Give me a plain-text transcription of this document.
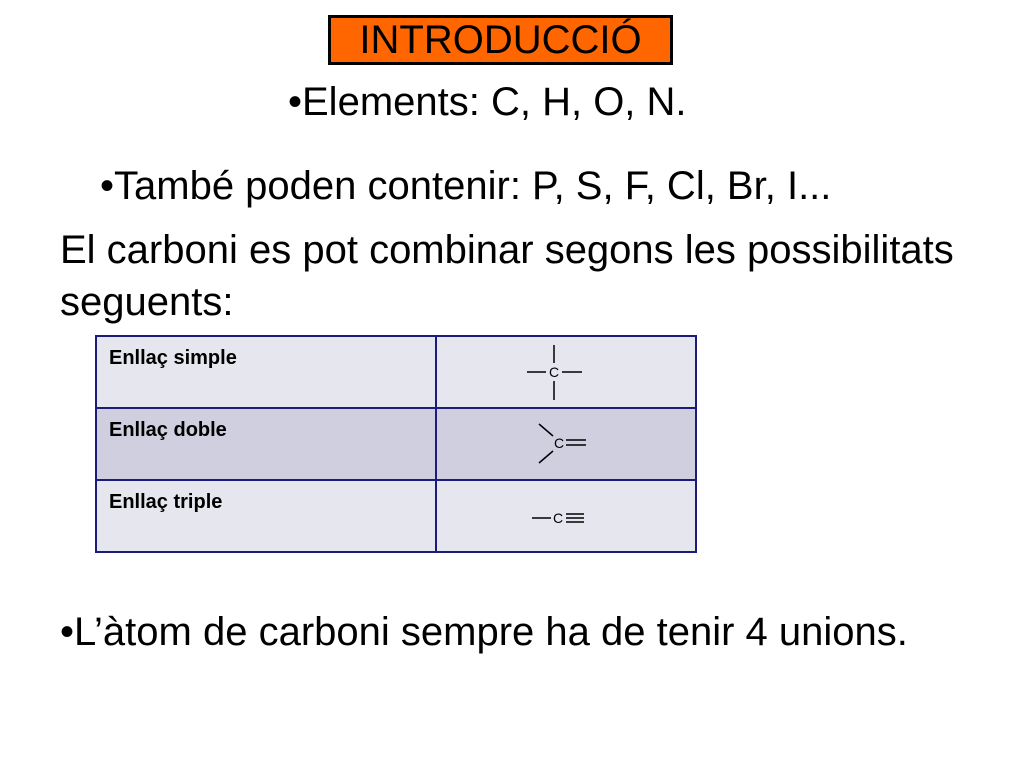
INTRODUCCIÓ
•Elements: C, H, O, N.
•També poden contenir: P, S, F, Cl, Br, I...
El carboni es pot combinar segons les possibilitats seguents:
Enllaç simple	C

Enllaç doble	C

Enllaç triple	C
•L’àtom de carboni sempre ha de tenir 4 unions.
